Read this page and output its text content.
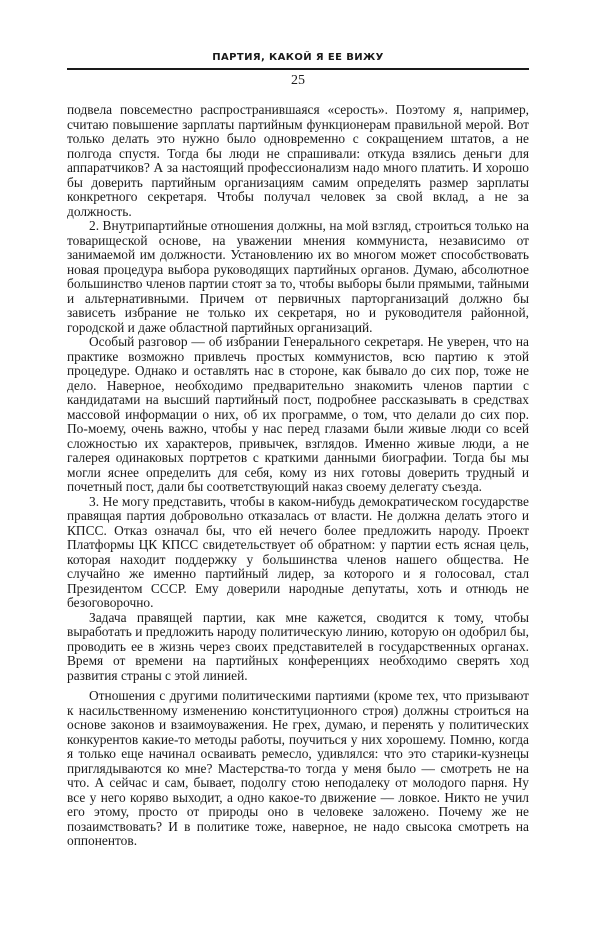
ПАРТИЯ, КАКОЙ Я ЕЕ ВИЖУ
25

подвела повсеместно распространившаяся «серость». Поэтому я, например, считаю повышение зарплаты партийным функционерам правильной мерой. Вот только делать это нужно было одновременно с сокращением штатов, а не полгода спустя. Тогда бы люди не спрашивали: откуда взялись деньги для аппаратчиков? А за настоящий профессионализм надо много платить. И хорошо бы доверить партийным организациям самим определять размер зарплаты конкретного секретаря. Чтобы получал человек за свой вклад, а не за должность.

2. Внутрипартийные отношения должны, на мой взгляд, строиться только на товарищеской основе, на уважении мнения коммуниста, независимо от занимаемой им должности. Установлению их во многом может способствовать новая процедура выбора руководящих партийных органов. Думаю, абсолютное большинство членов партии стоят за то, чтобы выборы были прямыми, тайными и альтернативными. Причем от первичных парторганизаций должно бы зависеть избрание не только их секретаря, но и руководителя районной, городской и даже областной партийных организаций.

Особый разговор — об избрании Генерального секретаря. Не уверен, что на практике возможно привлечь простых коммунистов, всю партию к этой процедуре. Однако и оставлять нас в стороне, как бывало до сих пор, тоже не дело. Наверное, необходимо предварительно знакомить членов партии с кандидатами на высший партийный пост, подробнее рассказывать в средствах массовой информации о них, об их программе, о том, что делали до сих пор. По-моему, очень важно, чтобы у нас перед глазами были живые люди со всей сложностью их характеров, привычек, взглядов. Именно живые люди, а не галерея одинаковых портретов с краткими данными биографии. Тогда бы мы могли яснее определить для себя, кому из них готовы доверить трудный и почетный пост, дали бы соответствующий наказ своему делегату съезда.

3. Не могу представить, чтобы в каком-нибудь демократическом государстве правящая партия добровольно отказалась от власти. Не должна делать этого и КПСС. Отказ означал бы, что ей нечего более предложить народу. Проект Платформы ЦК КПСС свидетельствует об обратном: у партии есть ясная цель, которая находит поддержку у большинства членов нашего общества. Не случайно же именно партийный лидер, за которого и я голосовал, стал Президентом СССР. Ему доверили народные депутаты, хоть и отнюдь не безоговорочно.

Задача правящей партии, как мне кажется, сводится к тому, чтобы выработать и предложить народу политическую линию, которую он одобрил бы, проводить ее в жизнь через своих представителей в государственных органах. Время от времени на партийных конференциях необходимо сверять ход развития страны с этой линией.

Отношения с другими политическими партиями (кроме тех, что призывают к насильственному изменению конституционного строя) должны строиться на основе законов и взаимоуважения. Не грех, думаю, и перенять у политических конкурентов какие-то методы работы, поучиться у них хорошему. Помню, когда я только еще начинал осваивать ремесло, удивлялся: что это старики-кузнецы приглядываются ко мне? Мастерства-то тогда у меня было — смотреть не на что. А сейчас и сам, бывает, подолгу стою неподалеку от молодого парня. Ну все у него коряво выходит, а одно какое-то движение — ловкое. Никто не учил его этому, просто от природы оно в человеке заложено. Почему же не позаимствовать? И в политике тоже, наверное, не надо свысока смотреть на оппонентов.
